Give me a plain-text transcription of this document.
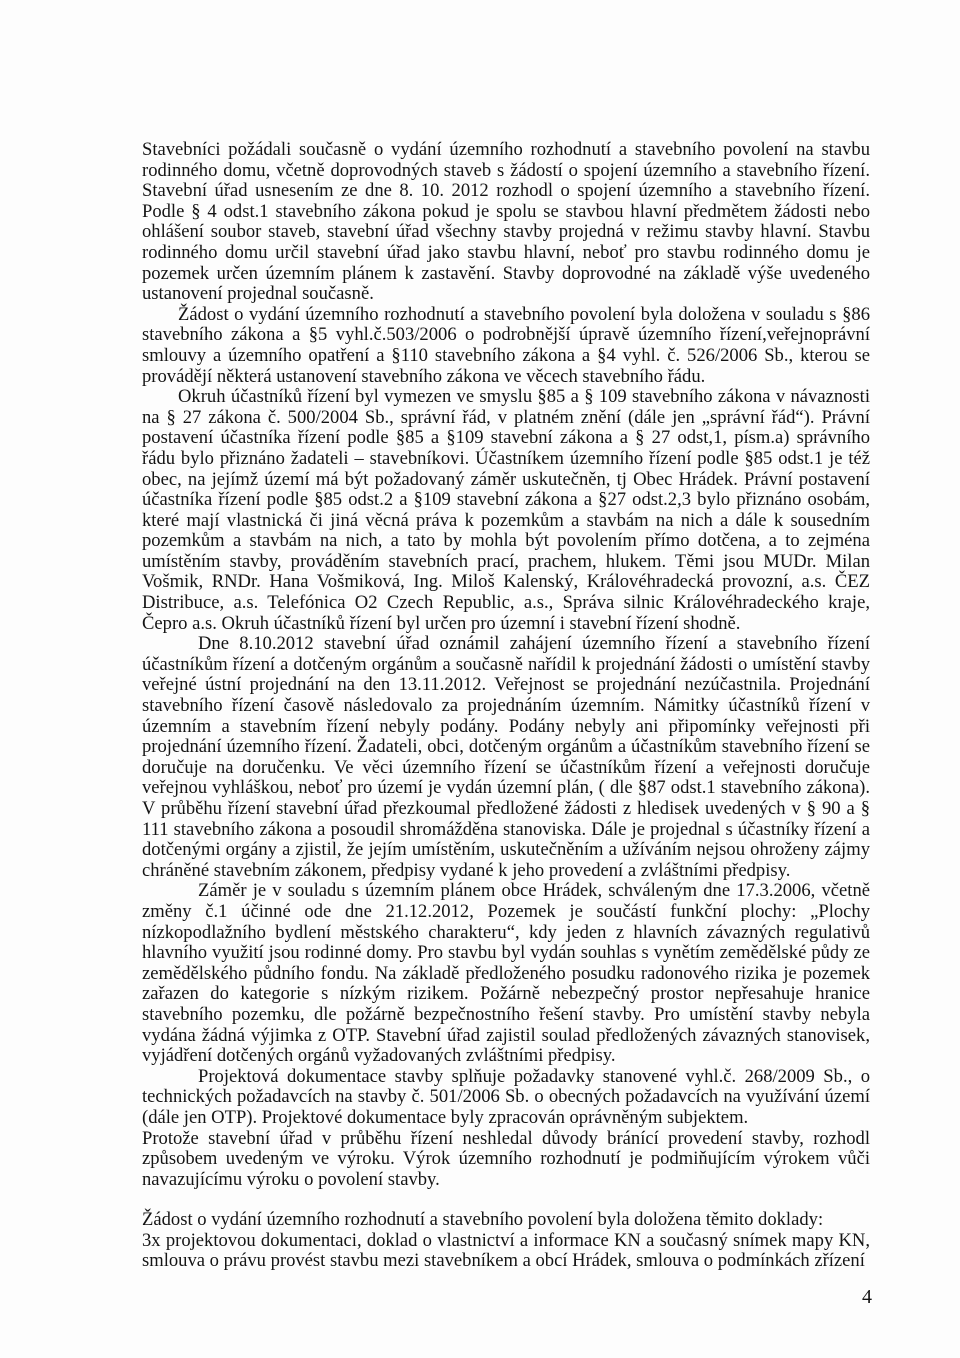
Stavebníci požádali současně o vydání územního rozhodnutí a stavebního povolení na stavbu rodinného domu, včetně doprovodných staveb s žádostí o spojení územního a stavebního řízení. Stavební úřad usnesením ze dne 8. 10. 2012 rozhodl o spojení územního a stavebního řízení. Podle § 4 odst.1 stavebního zákona pokud je spolu se stavbou hlavní předmětem žádosti nebo ohlášení soubor staveb, stavební úřad všechny stavby projedná v režimu stavby hlavní. Stavbu rodinného domu určil stavební úřad jako stavbu hlavní, neboť pro stavbu rodinného domu je pozemek určen územním plánem k zastavění. Stavby doprovodné na základě výše uvedeného ustanovení projednal současně.

Žádost o vydání územního rozhodnutí a stavebního povolení byla doložena v souladu s §86 stavebního zákona a §5 vyhl.č.503/2006 o podrobnější úpravě územního řízení,veřejnoprávní smlouvy a územního opatření a §110 stavebního zákona a §4 vyhl. č. 526/2006 Sb., kterou se provádějí některá ustanovení stavebního zákona ve věcech stavebního řádu.

Okruh účastníků řízení byl vymezen ve smyslu §85 a § 109 stavebního zákona v návaznosti na § 27 zákona č. 500/2004 Sb., správní řád, v platném znění (dále jen „správní řád“). Právní postavení účastníka řízení podle §85 a §109 stavební zákona a § 27 odst,1, písm.a) správního řádu bylo přiznáno žadateli – stavebníkovi. Účastníkem územního řízení podle §85 odst.1 je též obec, na jejímž území má být požadovaný záměr uskutečněn, tj Obec Hrádek. Právní postavení účastníka řízení podle §85 odst.2 a §109 stavební zákona a §27 odst.2,3 bylo přiznáno osobám, které mají vlastnická či jiná věcná práva k pozemkům a stavbám na nich a dále k sousedním pozemkům a stavbám na nich, a tato by mohla být povolením přímo dotčena, a to zejména umístěním stavby, prováděním stavebních prací, prachem, hlukem. Těmi jsou MUDr. Milan Vošmik, RNDr. Hana Vošmiková, Ing. Miloš Kalenský, Královéhradecká provozní, a.s. ČEZ Distribuce, a.s. Telefónica O2 Czech Republic, a.s., Správa silnic Královéhradeckého kraje, Čepro a.s. Okruh účastníků řízení byl určen pro územní i stavební řízení shodně.

Dne 8.10.2012 stavební úřad oznámil zahájení územního řízení a stavebního řízení účastníkům řízení a dotčeným orgánům a současně nařídil k projednání žádosti o umístění stavby veřejné ústní projednání na den 13.11.2012. Veřejnost se projednání nezúčastnila. Projednání stavebního řízení časově následovalo za projednáním územním. Námitky účastníků řízení v územním a stavebním řízení nebyly podány. Podány nebyly ani připomínky veřejnosti při projednání územního řízení. Žadateli, obci, dotčeným orgánům a účastníkům stavebního řízení se doručuje na doručenku. Ve věci územního řízení se účastníkům řízení a veřejnosti doručuje veřejnou vyhláškou, neboť pro území je vydán územní plán, ( dle §87 odst.1 stavebního zákona). V průběhu řízení stavební úřad přezkoumal předložené žádosti z hledisek uvedených v § 90 a § 111 stavebního zákona a posoudil shromážděna stanoviska. Dále je projednal s účastníky řízení a dotčenými orgány a zjistil, že jejím umístěním, uskutečněním a užíváním nejsou ohroženy zájmy chráněné stavebním zákonem, předpisy vydané k jeho provedení a zvláštními předpisy.

Záměr je v souladu s územním plánem obce Hrádek, schváleným dne 17.3.2006, včetně změny č.1 účinné ode dne 21.12.2012, Pozemek je součástí funkční plochy: „Plochy nízkopodlažního bydlení městského charakteru“, kdy jeden z hlavních závazných regulativů hlavního využití jsou rodinné domy. Pro stavbu byl vydán souhlas s vynětím zemědělské půdy ze zemědělského půdního fondu. Na základě předloženého posudku radonového rizika je pozemek zařazen do kategorie s nízkým rizikem. Požárně nebezpečný prostor nepřesahuje hranice stavebního pozemku, dle požárně bezpečnostního řešení stavby. Pro umístění stavby nebyla vydána žádná výjimka z OTP. Stavební úřad zajistil soulad předložených závazných stanovisek, vyjádření dotčených orgánů vyžadovaných zvláštními předpisy.

Projektová dokumentace stavby splňuje požadavky stanovené vyhl.č. 268/2009 Sb., o technických požadavcích na stavby č. 501/2006 Sb. o obecných požadavcích na využívání území (dále jen OTP). Projektové dokumentace byly zpracován oprávněným subjektem.

Protože stavební úřad v průběhu řízení neshledal důvody bránící provedení stavby, rozhodl způsobem uvedeným ve výroku. Výrok územního rozhodnutí je podmiňujícím výrokem vůči navazujícímu výroku o povolení stavby.

Žádost o vydání územního rozhodnutí a stavebního povolení byla doložena těmito doklady:

3x projektovou dokumentaci, doklad o vlastnictví a informace KN a současný snímek mapy KN, smlouva o právu provést stavbu mezi stavebníkem a obcí Hrádek, smlouva o podmínkách zřízení

4
